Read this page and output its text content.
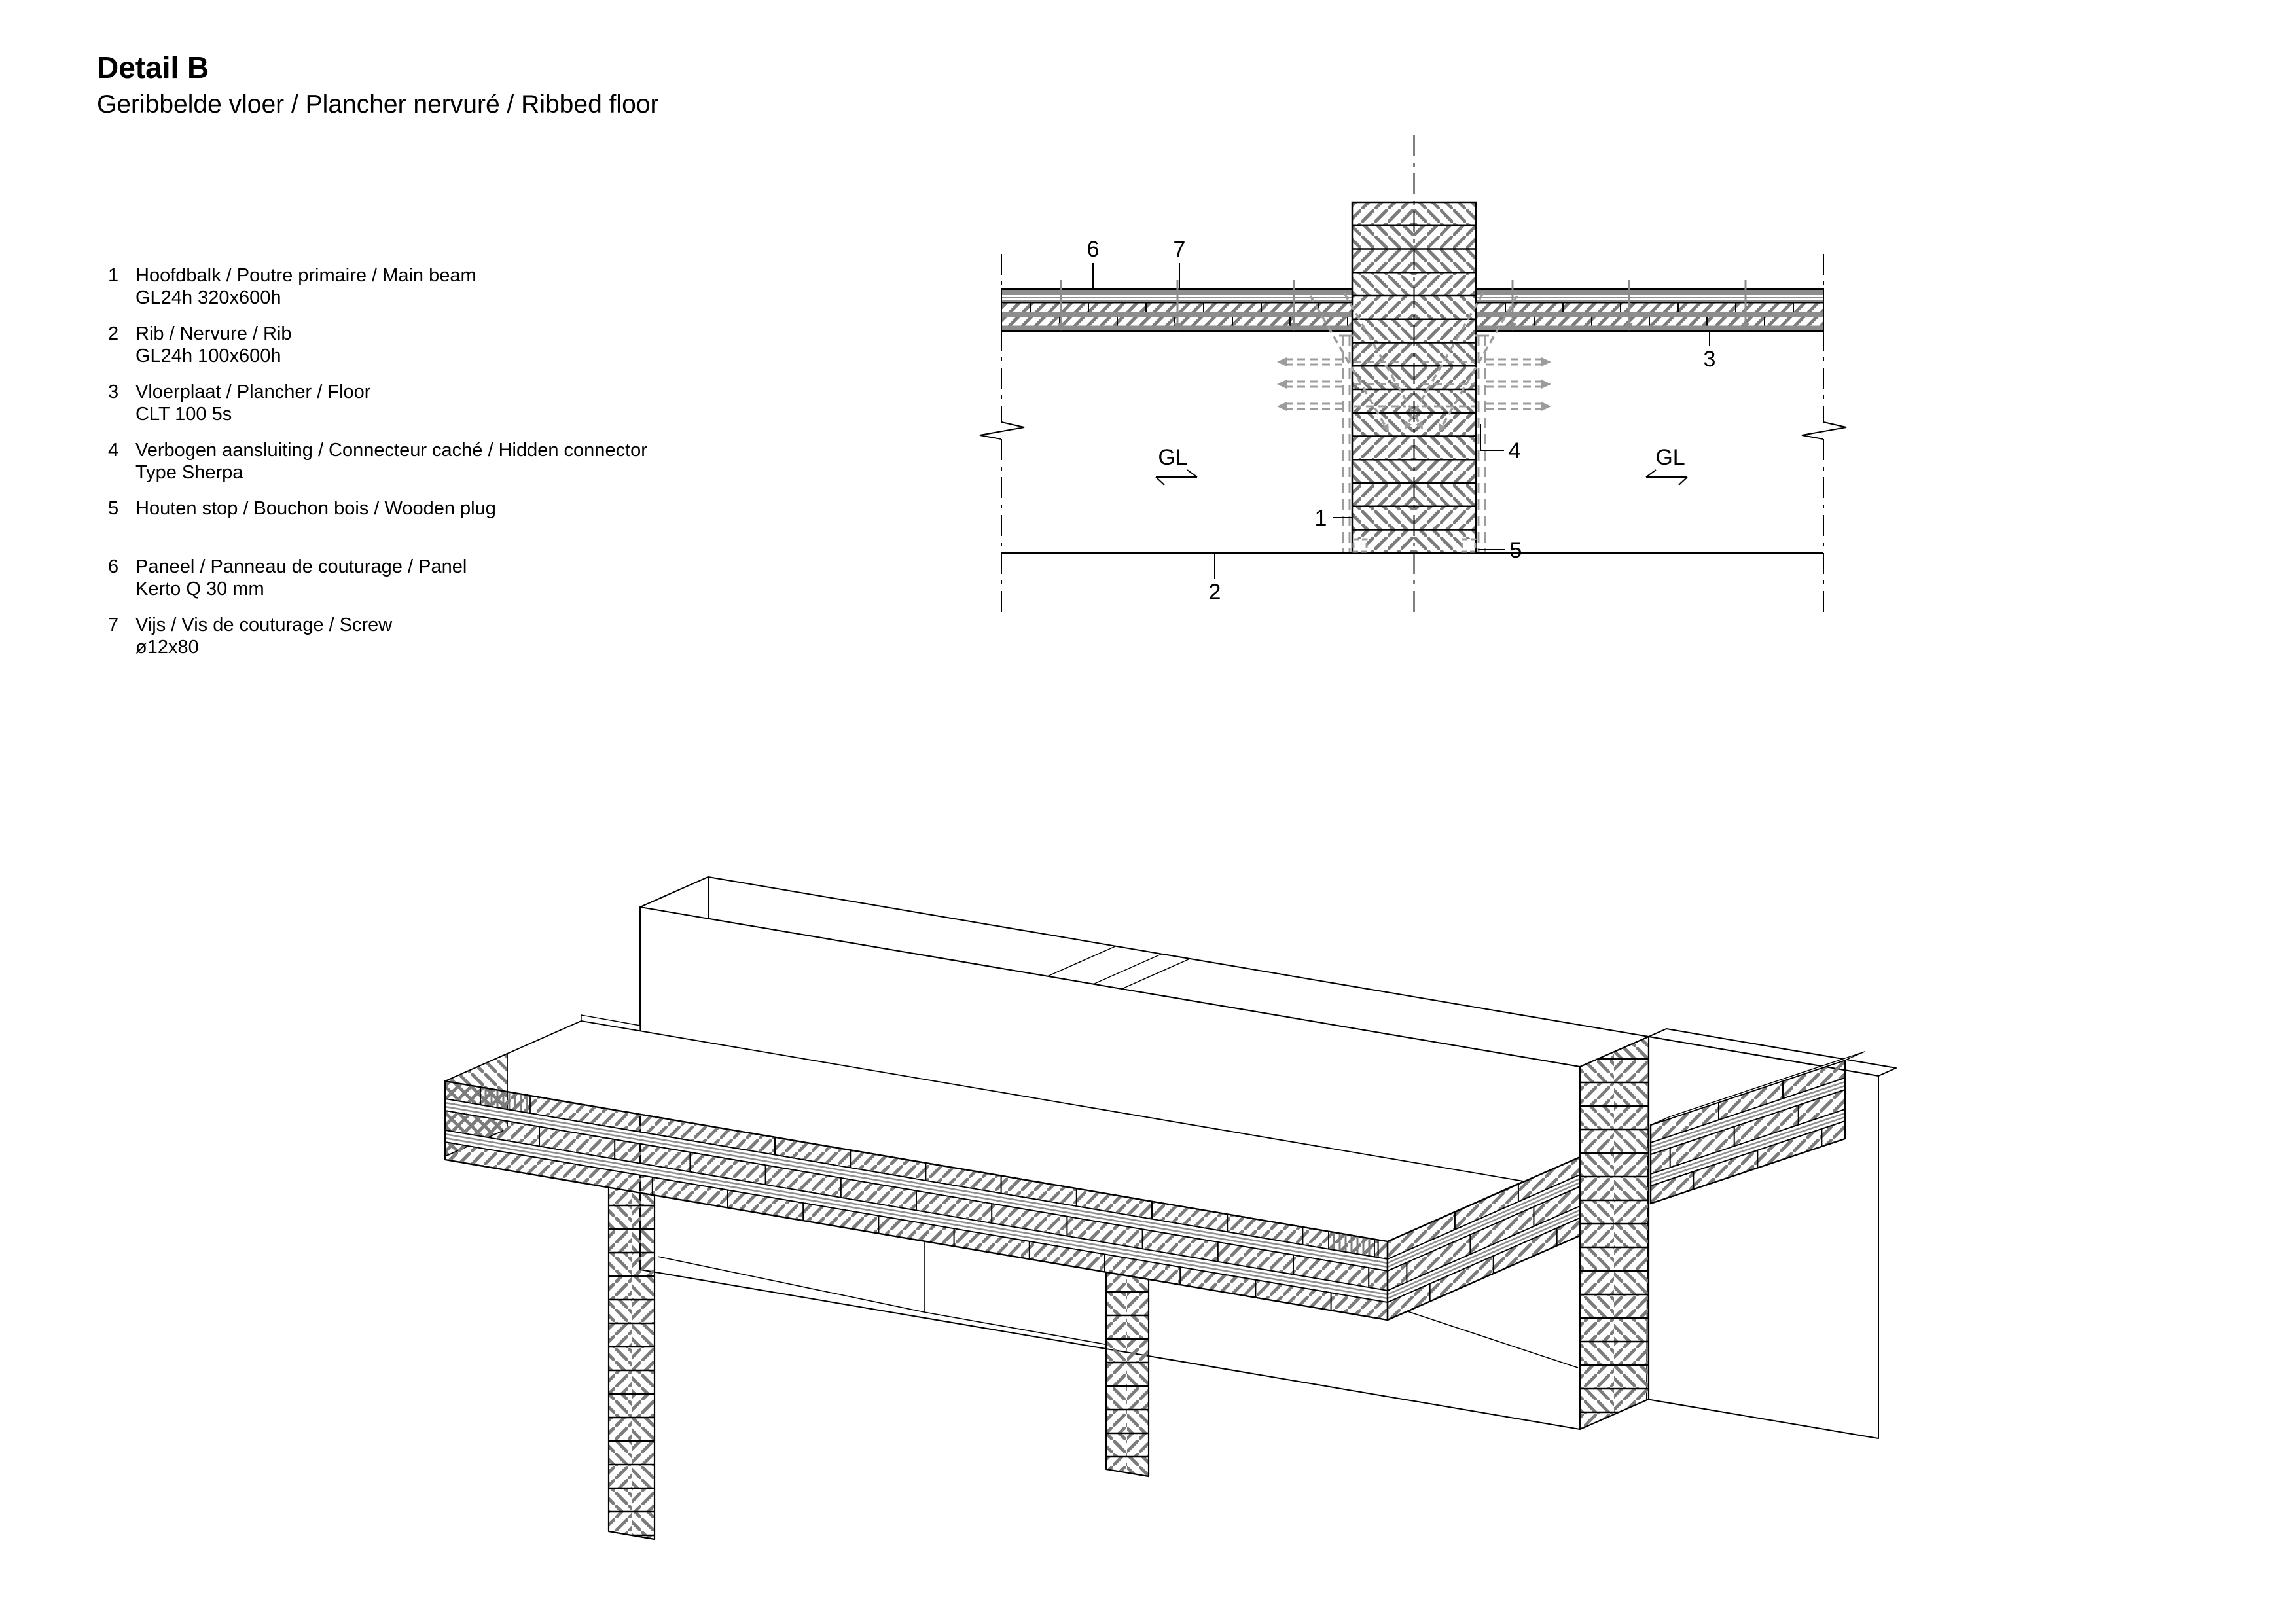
Detail B
Geribbelde vloer / Plancher nervuré / Ribbed floor
1 Hoofdbalk / Poutre primaire / Main beam
GL24h 320x600h
2 Rib / Nervure / Rib
GL24h 100x600h
3 Vloerplaat / Plancher / Floor
CLT 100 5s
4 Verbogen aansluiting / Connecteur caché / Hidden connector
Type Sherpa
5 Houten stop / Bouchon bois / Wooden plug
6 Paneel / Panneau de couturage / Panel
Kerto Q 30 mm
7 Vijs / Vis de couturage / Screw
ø12x80
6	7
3
4
1
5
2
GL	GL
